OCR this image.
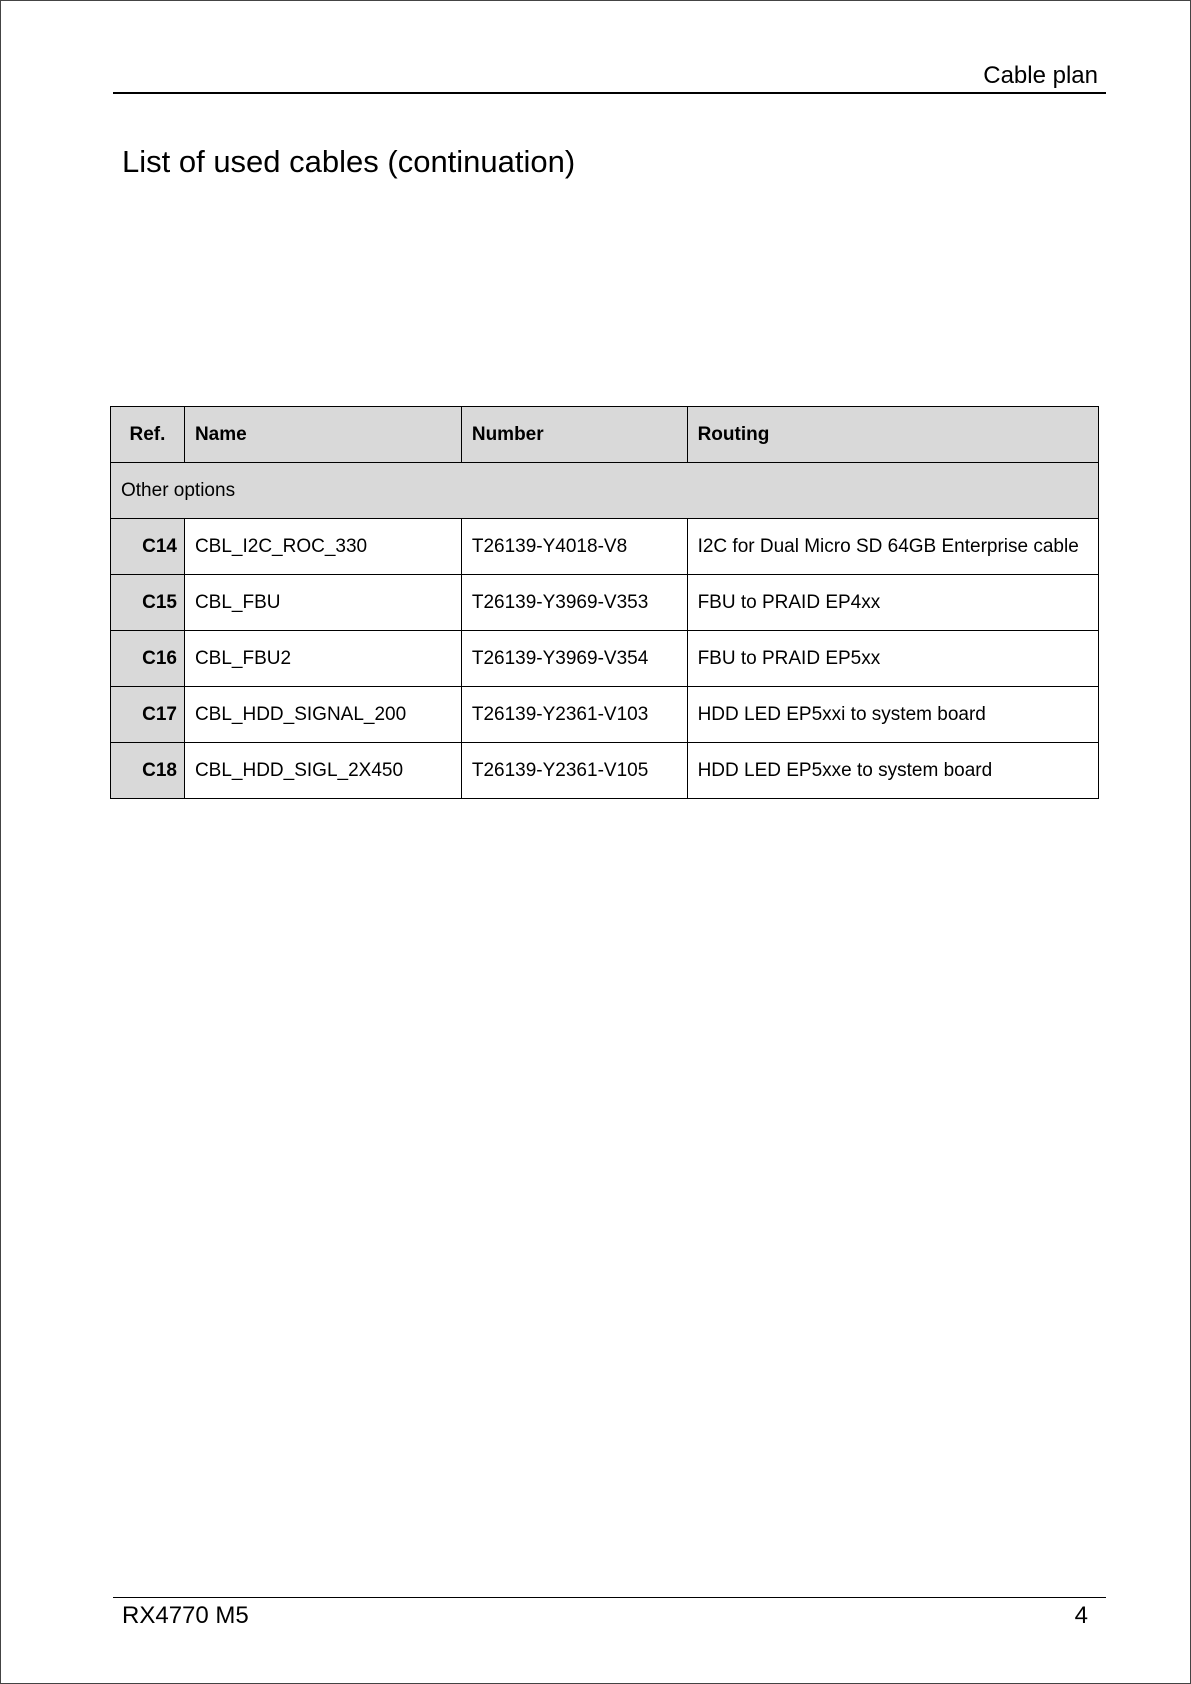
Cable plan
List of used cables (continuation)
Ref.	Name	Number	Routing
Other options			
C14	CBL_I2C_ROC_330	T26139-Y4018-V8	I2C for Dual Micro SD 64GB Enterprise cable
C15	CBL_FBU	T26139-Y3969-V353	FBU to PRAID EP4xx
C16	CBL_FBU2	T26139-Y3969-V354	FBU to PRAID EP5xx
C17	CBL_HDD_SIGNAL_200	T26139-Y2361-V103	HDD LED EP5xxi to system board
C18	CBL_HDD_SIGL_2X450	T26139-Y2361-V105	HDD LED EP5xxe to system board
RX4770 M5	4
